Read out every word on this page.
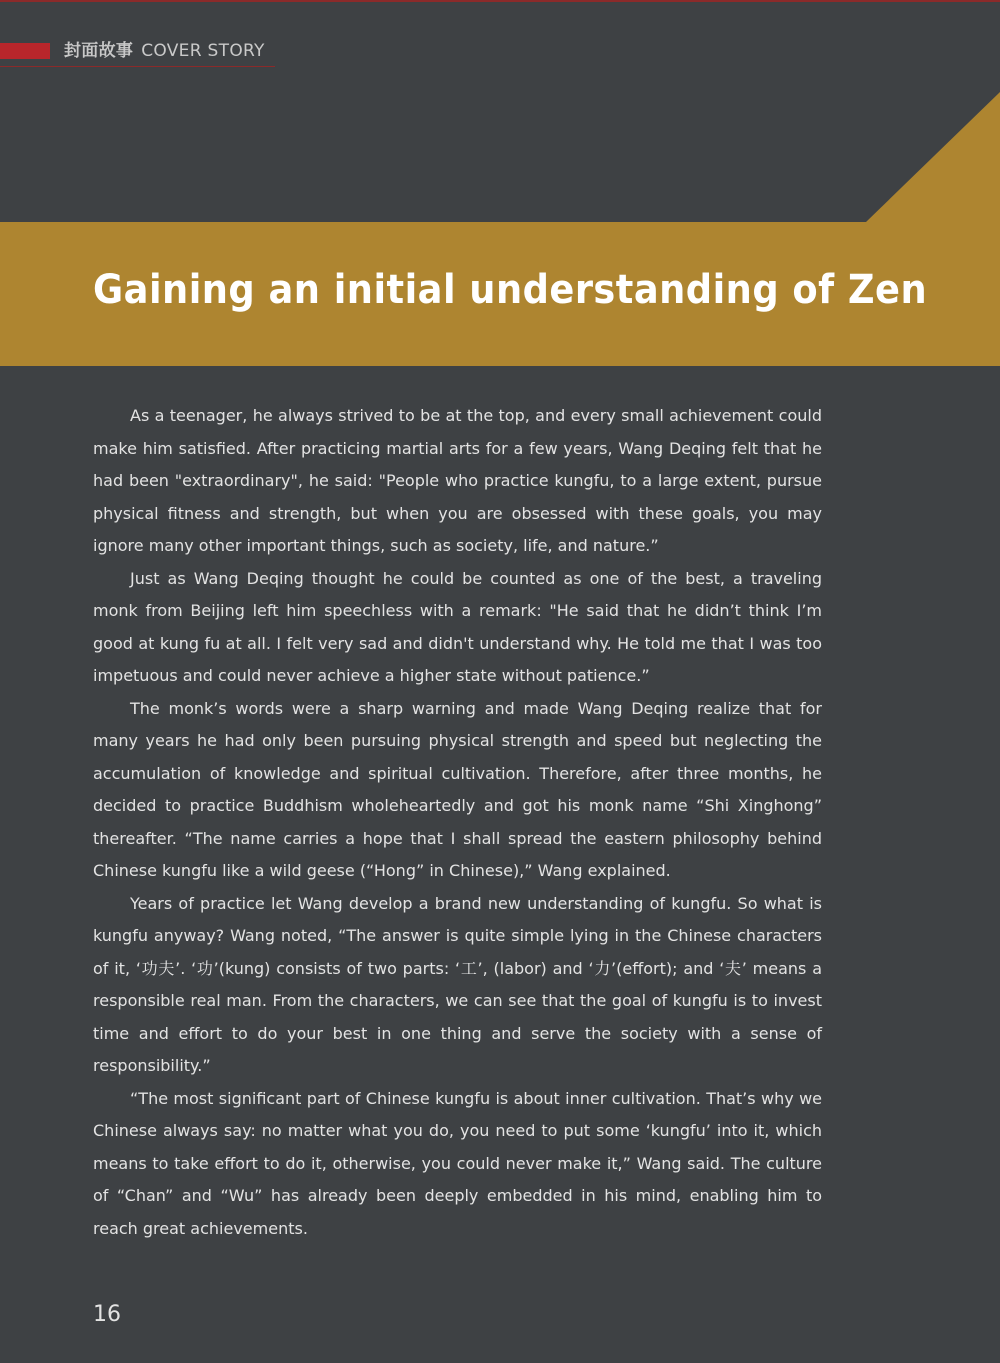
封面故事 COVER STORY
Gaining an initial understanding of Zen

As a teenager, he always strived to be at the top, and every small achievement could make him satisfied. After practicing martial arts for a few years, Wang Deqing felt that he had been "extraordinary", he said: "People who practice kungfu, to a large extent, pursue physical fitness and strength, but when you are obsessed with these goals, you may ignore many other important things, such as society, life, and nature.”

Just as Wang Deqing thought he could be counted as one of the best, a traveling monk from Beijing left him speechless with a remark: "He said that he didn’t think I’m good at kung fu at all. I felt very sad and didn't understand why. He told me that I was too impetuous and could never achieve a higher state without patience.”

The monk’s words were a sharp warning and made Wang Deqing realize that for many years he had only been pursuing physical strength and speed but neglecting the accumulation of knowledge and spiritual cultivation. Therefore, after three months, he decided to practice Buddhism wholeheartedly and got his monk name “Shi Xinghong” thereafter. “The name carries a hope that I shall spread the eastern philosophy behind Chinese kungfu like a wild geese (“Hong” in Chinese),” Wang explained.

Years of practice let Wang develop a brand new understanding of kungfu. So what is kungfu anyway? Wang noted, “The answer is quite simple lying in the Chinese characters of it, ‘功夫’. ‘功’(kung) consists of two parts: ‘工’, (labor) and ‘力’(effort); and ‘夫’ means a responsible real man. From the characters, we can see that the goal of kungfu is to invest time and effort to do your best in one thing and serve the society with a sense of responsibility.”

“The most significant part of Chinese kungfu is about inner cultivation. That’s why we Chinese always say: no matter what you do, you need to put some ‘kungfu’ into it, which means to take effort to do it, otherwise, you could never make it,” Wang said. The culture of “Chan” and “Wu” has already been deeply embedded in his mind, enabling him to reach great achievements.

16
